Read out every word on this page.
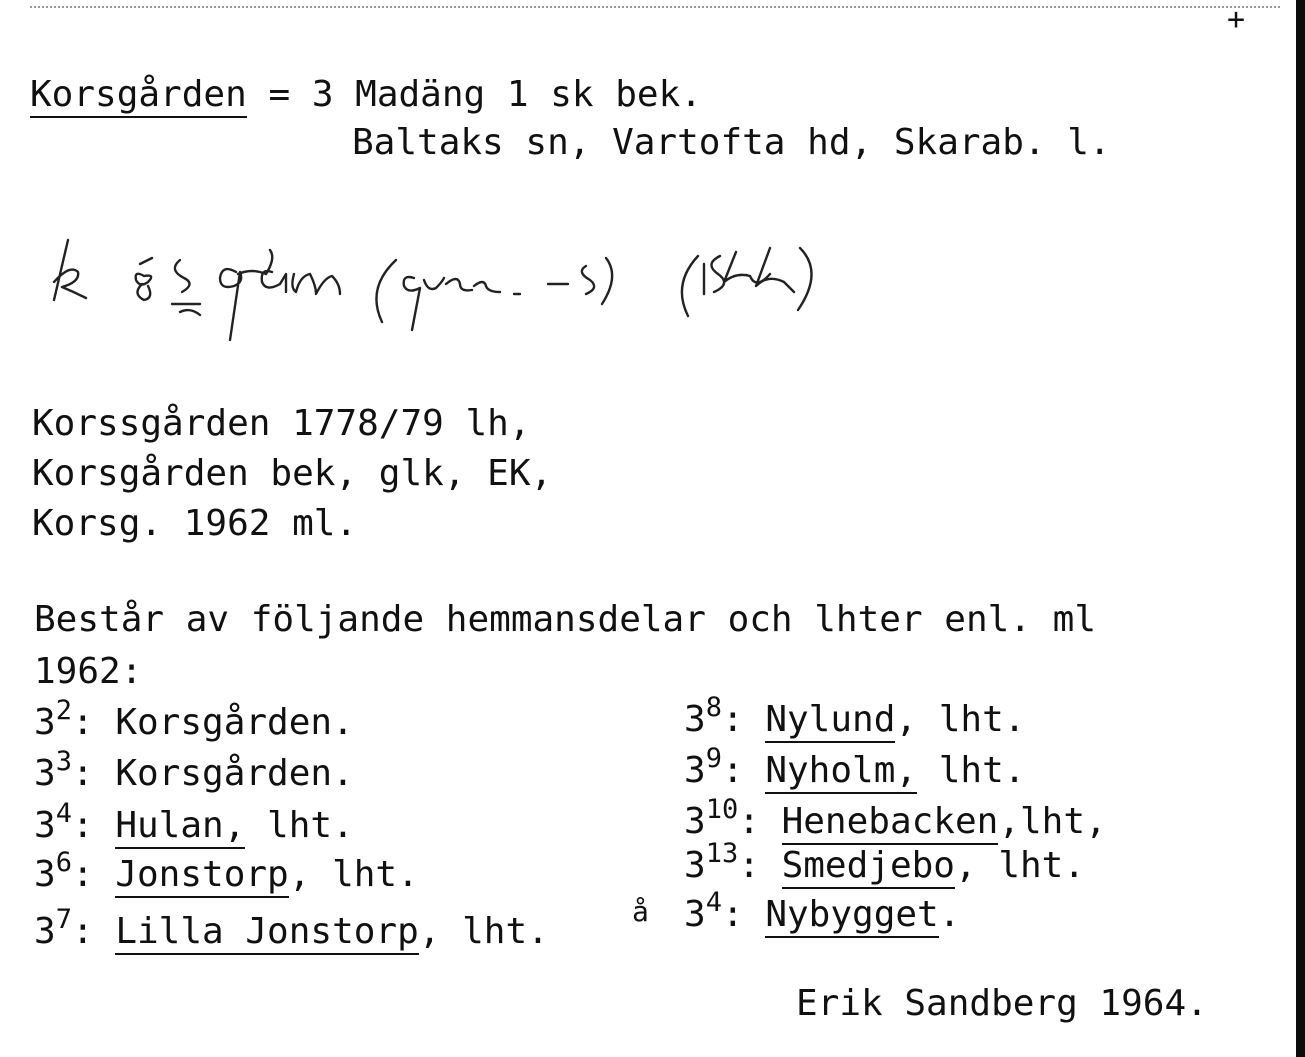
+
Korsgården = 3 Madäng 1 sk bek.
Baltaks sn, Vartofta hd, Skarab. l.
Korssgården 1778/79 lh,
Korsgården bek, glk, EK,
Korsg. 1962 ml.
Består av följande hemmansdelar och lhter enl. ml
1962:
$3^2$: Korsgården.
$3^3$: Korsgården.
$3^4$: Hulan, lht.
$3^6$: Jonstorp, lht.
$3^7$: Lilla Jonstorp, lht.	å
$3^8$: Nylund, lht.
$3^9$: Nyholm, lht.
$3^{10}$: Henebacken,lht,
$3^{13}$: Smedjebo, lht.
$3^4$: Nybygget.
Erik Sandberg 1964.
